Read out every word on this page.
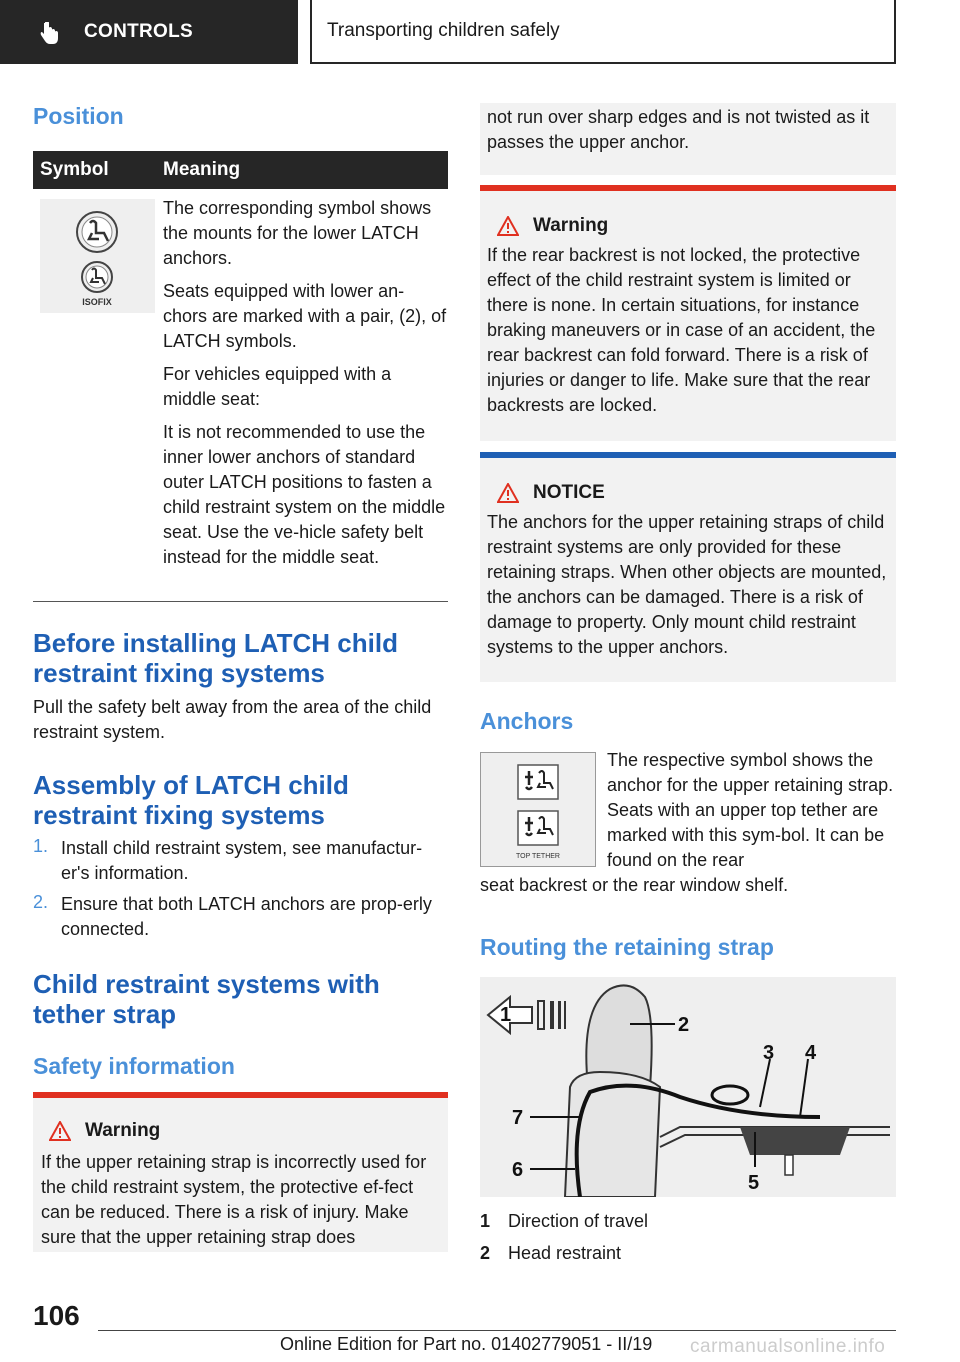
CONTROLS	Transporting children safely
Position
Symbol	Meaning

ISOFIX	The corresponding symbol shows the mounts for the lower LATCH anchors.

Seats equipped with lower an-chors are marked with a pair, (2), of LATCH symbols.

For vehicles equipped with a middle seat:

It is not recommended to use the inner lower anchors of standard outer LATCH positions to fasten a child restraint system on the middle seat. Use the ve-hicle safety belt instead for the middle seat.

Before installing LATCH child restraint fixing systems

Pull the safety belt away from the area of the child restraint system.

Assembly of LATCH child restraint fixing systems
1. Install child restraint system, see manufactur-er's information.

2. Ensure that both LATCH anchors are prop-erly connected.

Child restraint systems with tether strap
Safety information
Warning

If the upper retaining strap is incorrectly used for the child restraint system, the protective ef-fect can be reduced. There is a risk of injury. Make sure that the upper retaining strap does

not run over sharp edges and is not twisted as it passes the upper anchor.

Warning

If the rear backrest is not locked, the protective effect of the child restraint system is limited or there is none. In certain situations, for instance braking maneuvers or in case of an accident, the rear backrest can fold forward. There is a risk of injuries or danger to life. Make sure that the rear backrests are locked.

NOTICE

The anchors for the upper retaining straps of child restraint systems are only provided for these retaining straps. When other objects are mounted, the anchors can be damaged. There is a risk of damage to property. Only mount child restraint systems to the upper anchors.

Anchors
TOP TETHER

The respective symbol shows the anchor for the upper retaining strap. Seats with an upper top tether are marked with this sym-bol. It can be found on the rear

seat backrest or the rear window shelf.

Routing the retaining strap
1	2
3 4
5
6
7
1 Direction of travel
2 Head restraint
106
Online Edition for Part no. 01402779051 - II/19 carmanualsonline.info
